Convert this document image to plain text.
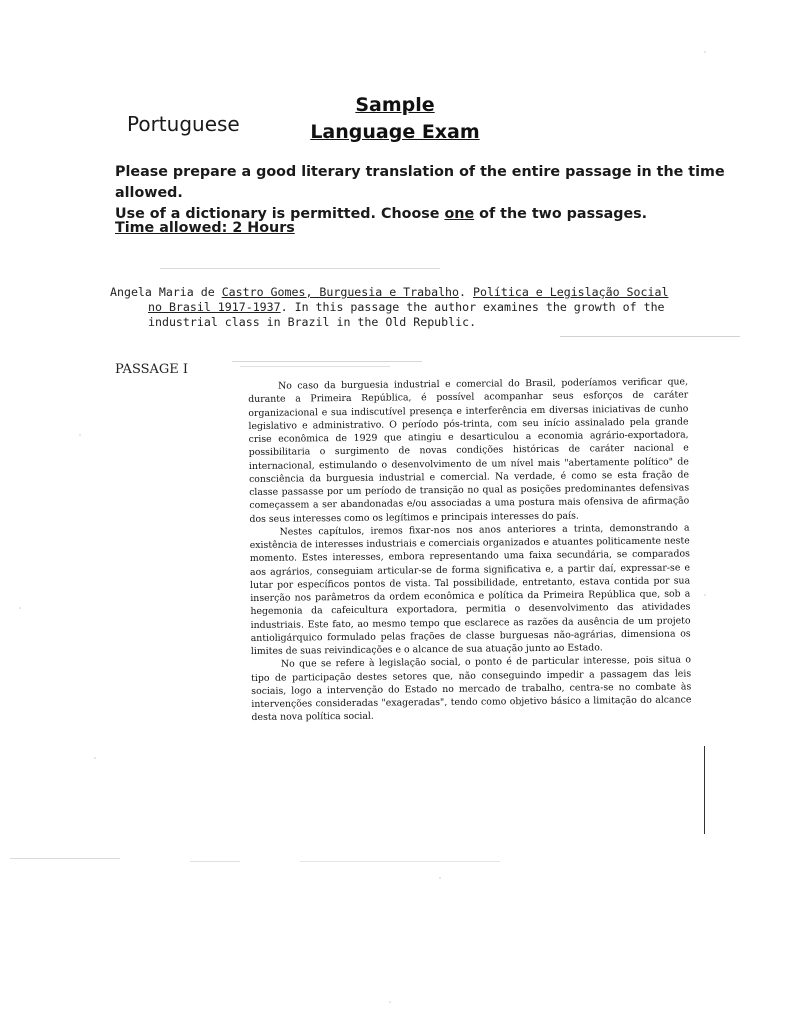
Portuguese
Sample
Language Exam
Please prepare a good literary translation of the entire passage in the time allowed.
Use of a dictionary is permitted. Choose one of the two passages.
Time allowed: 2 Hours
Angela Maria de Castro Gomes, Burguesia e Trabalho. Política e Legislação Social
no Brasil 1917-1937. In this passage the author examines the growth of the
industrial class in Brazil in the Old Republic.
PASSAGE I

No caso da burguesia industrial e comercial do Brasil, poderíamos verificar que, durante a Primeira República, é possível acompanhar seus esforços de caráter organizacional e sua indiscutível presença e interferência em diversas iniciativas de cunho legislativo e administrativo. O período pós-trinta, com seu início assinalado pela grande crise econômica de 1929 que atingiu e desarticulou a economia agrário-exportadora, possibilitaria o surgimento de novas condições históricas de caráter nacional e internacional, estimulando o desenvolvimento de um nível mais "abertamente político" de consciência da burguesia industrial e comercial. Na verdade, é como se esta fração de classe passasse por um período de transição no qual as posições predominantes defensivas começassem a ser abandonadas e/ou associadas a uma postura mais ofensiva de afirmação dos seus interesses como os legítimos e principais interesses do país.

Nestes capítulos, iremos fixar-nos nos anos anteriores a trinta, demonstrando a existência de interesses industriais e comerciais organizados e atuantes politicamente neste momento. Estes interesses, embora representando uma faixa secundária, se comparados aos agrários, conseguiam articular-se de forma significativa e, a partir daí, expressar-se e lutar por específicos pontos de vista. Tal possibilidade, entretanto, estava contida por sua inserção nos parâmetros da ordem econômica e política da Primeira República que, sob a hegemonia da cafeicultura exportadora, permitia o desenvolvimento das atividades industriais. Este fato, ao mesmo tempo que esclarece as razões da ausência de um projeto antioligárquico formulado pelas frações de classe burguesas não-agrárias, dimensiona os limites de suas reivindicações e o alcance de sua atuação junto ao Estado.

No que se refere à legislação social, o ponto é de particular interesse, pois situa o tipo de participação destes setores que, não conseguindo impedir a passagem das leis sociais, logo a intervenção do Estado no mercado de trabalho, centra-se no combate às intervenções consideradas "exageradas", tendo como objetivo básico a limitação do alcance desta nova política social.
